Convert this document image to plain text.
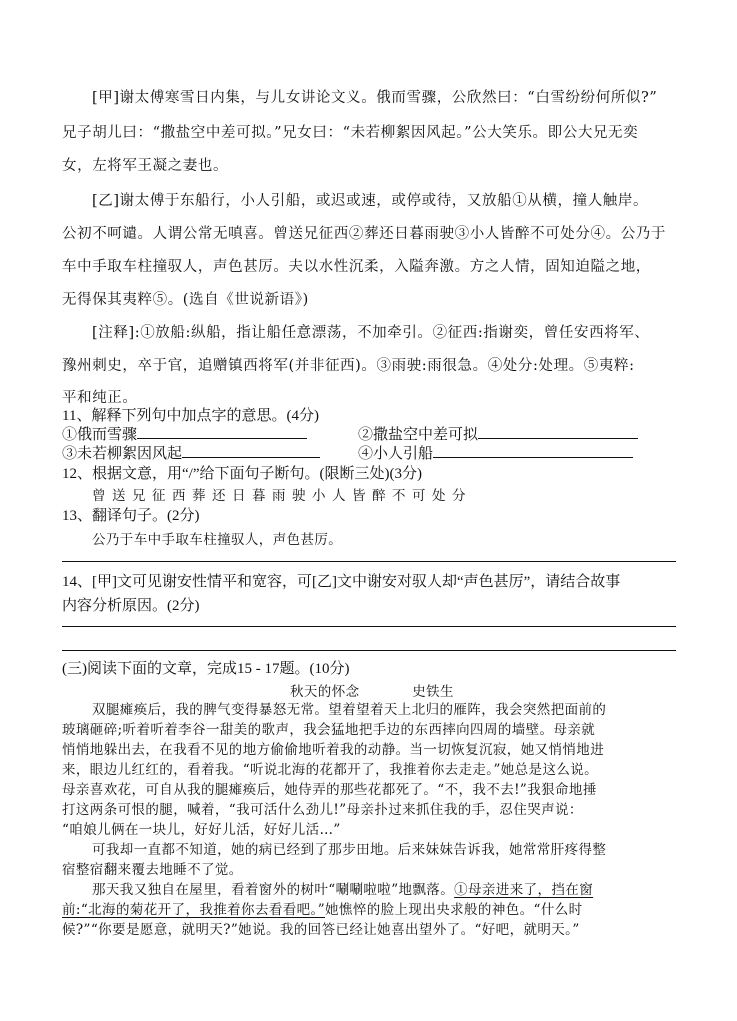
[甲]谢太傅寒雪日内集，与儿女讲论文义。俄而雪骤，公欣然曰：“白雪纷纷何所似?”
兄子胡儿曰：“撒盐空中差可拟。”兄女曰：“未若柳絮因风起。”公大笑乐。即公大兄无奕
女，左将军王凝之妻也。
[乙]谢太傅于东船行，小人引船，或迟或速，或停或待，又放船①从横，撞人触岸。
公初不呵谴。人谓公常无嗔喜。曾送兄征西②葬还日暮雨驶③小人皆醉不可处分④。公乃于
车中手取车柱撞驭人，声色甚厉。夫以水性沉柔，入隘奔激。方之人情，固知迫隘之地，
无得保其夷粹⑤。(选自《世说新语》)
[注释]:①放船:纵船，指让船任意漂荡，不加牵引。②征西:指谢奕，曾任安西将军、
豫州刺史，卒于官，追赠镇西将军(并非征西)。③雨驶:雨很急。④处分:处理。⑤夷粹:
平和纯正。
11、解释下列句中加点字的意思。(4分)
①俄而雪骤	②撒盐空中差可拟
③未若柳絮因风起	④小人引船
12、根据文意，用“/”给下面句子断句。(限断三处)(3分)
曾送兄征西葬还日暮雨驶小人皆醉不可处分
13、翻译句子。(2分)
公乃于车中手取车柱撞驭人，声色甚厉。
14、[甲]文可见谢安性情平和宽容，可[乙]文中谢安对驭人却“声色甚厉”，请结合故事
内容分析原因。(2分)
(三)阅读下面的文章，完成15 - 17题。(10分)
秋天的怀念	史铁生
双腿瘫痪后，我的脾气变得暴怒无常。望着望着天上北归的雁阵，我会突然把面前的
玻璃砸碎;听着听着李谷一甜美的歌声，我会猛地把手边的东西摔向四周的墙壁。母亲就
悄悄地躲出去，在我看不见的地方偷偷地听着我的动静。当一切恢复沉寂，她又悄悄地进
来，眼边儿红红的，看着我。“听说北海的花都开了，我推着你去走走。”她总是这么说。
母亲喜欢花，可自从我的腿瘫痪后，她侍弄的那些花都死了。“不，我不去!”我狠命地捶
打这两条可恨的腿，喊着，“我可活什么劲儿!”母亲扑过来抓住我的手，忍住哭声说：
“咱娘儿俩在一块儿，好好儿活，好好儿活…”
可我却一直都不知道，她的病已经到了那步田地。后来妹妹告诉我，她常常肝疼得整
宿整宿翻来覆去地睡不了觉。
那天我又独自在屋里，看着窗外的树叶“唰唰啦啦”地飘落。①母亲进来了，挡在窗
前:“北海的菊花开了，我推着你去看看吧。”她憔悴的脸上现出央求般的神色。“什么时
候?”“你要是愿意，就明天?”她说。我的回答已经让她喜出望外了。“好吧，就明天。”
